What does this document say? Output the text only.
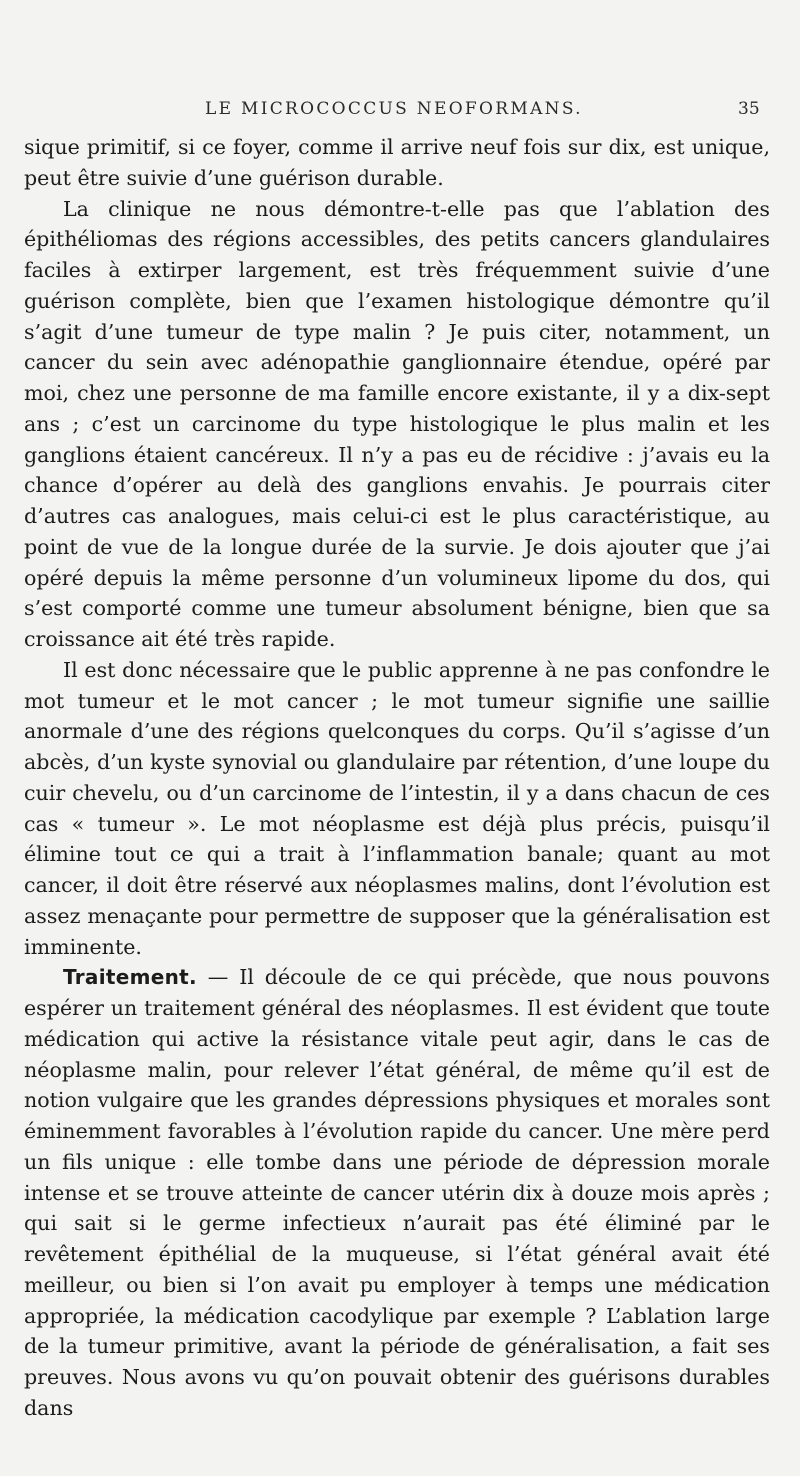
LE MICROCOCCUS NEOFORMANS.	35

sique primitif, si ce foyer, comme il arrive neuf fois sur dix, est unique, peut être suivie d’une guérison durable.

La clinique ne nous démontre-t-elle pas que l’ablation des épithéliomas des régions accessibles, des petits cancers glandulaires faciles à extirper largement, est très fréquemment suivie d’une guérison complète, bien que l’examen histologique démontre qu’il s’agit d’une tumeur de type malin ? Je puis citer, notamment, un cancer du sein avec adénopathie ganglionnaire étendue, opéré par moi, chez une personne de ma famille encore existante, il y a dix-sept ans ; c’est un carcinome du type histologique le plus malin et les ganglions étaient cancéreux. Il n’y a pas eu de récidive : j’avais eu la chance d’opérer au delà des ganglions envahis. Je pourrais citer d’autres cas analogues, mais celui-ci est le plus caractéristique, au point de vue de la longue durée de la survie. Je dois ajouter que j’ai opéré depuis la même personne d’un volumineux lipome du dos, qui s’est comporté comme une tumeur absolument bénigne, bien que sa croissance ait été très rapide.

Il est donc nécessaire que le public apprenne à ne pas confondre le mot tumeur et le mot cancer ; le mot tumeur signifie une saillie anormale d’une des régions quelconques du corps. Qu’il s’agisse d’un abcès, d’un kyste synovial ou glandulaire par rétention, d’une loupe du cuir chevelu, ou d’un carcinome de l’intestin, il y a dans chacun de ces cas « tumeur ». Le mot néoplasme est déjà plus précis, puisqu’il élimine tout ce qui a trait à l’inflammation banale; quant au mot cancer, il doit être réservé aux néoplasmes malins, dont l’évolution est assez menaçante pour permettre de supposer que la généralisation est imminente.

Traitement. — Il découle de ce qui précède, que nous pouvons espérer un traitement général des néoplasmes. Il est évident que toute médication qui active la résistance vitale peut agir, dans le cas de néoplasme malin, pour relever l’état général, de même qu’il est de notion vulgaire que les grandes dépressions physiques et morales sont éminemment favorables à l’évolution rapide du cancer. Une mère perd un fils unique : elle tombe dans une période de dépression morale intense et se trouve atteinte de cancer utérin dix à douze mois après ; qui sait si le germe infectieux n’aurait pas été éliminé par le revêtement épithélial de la muqueuse, si l’état général avait été meilleur, ou bien si l’on avait pu employer à temps une médication appropriée, la médication cacodylique par exemple ? L’ablation large de la tumeur primitive, avant la période de généralisation, a fait ses preuves. Nous avons vu qu’on pouvait obtenir des guérisons durables dans
